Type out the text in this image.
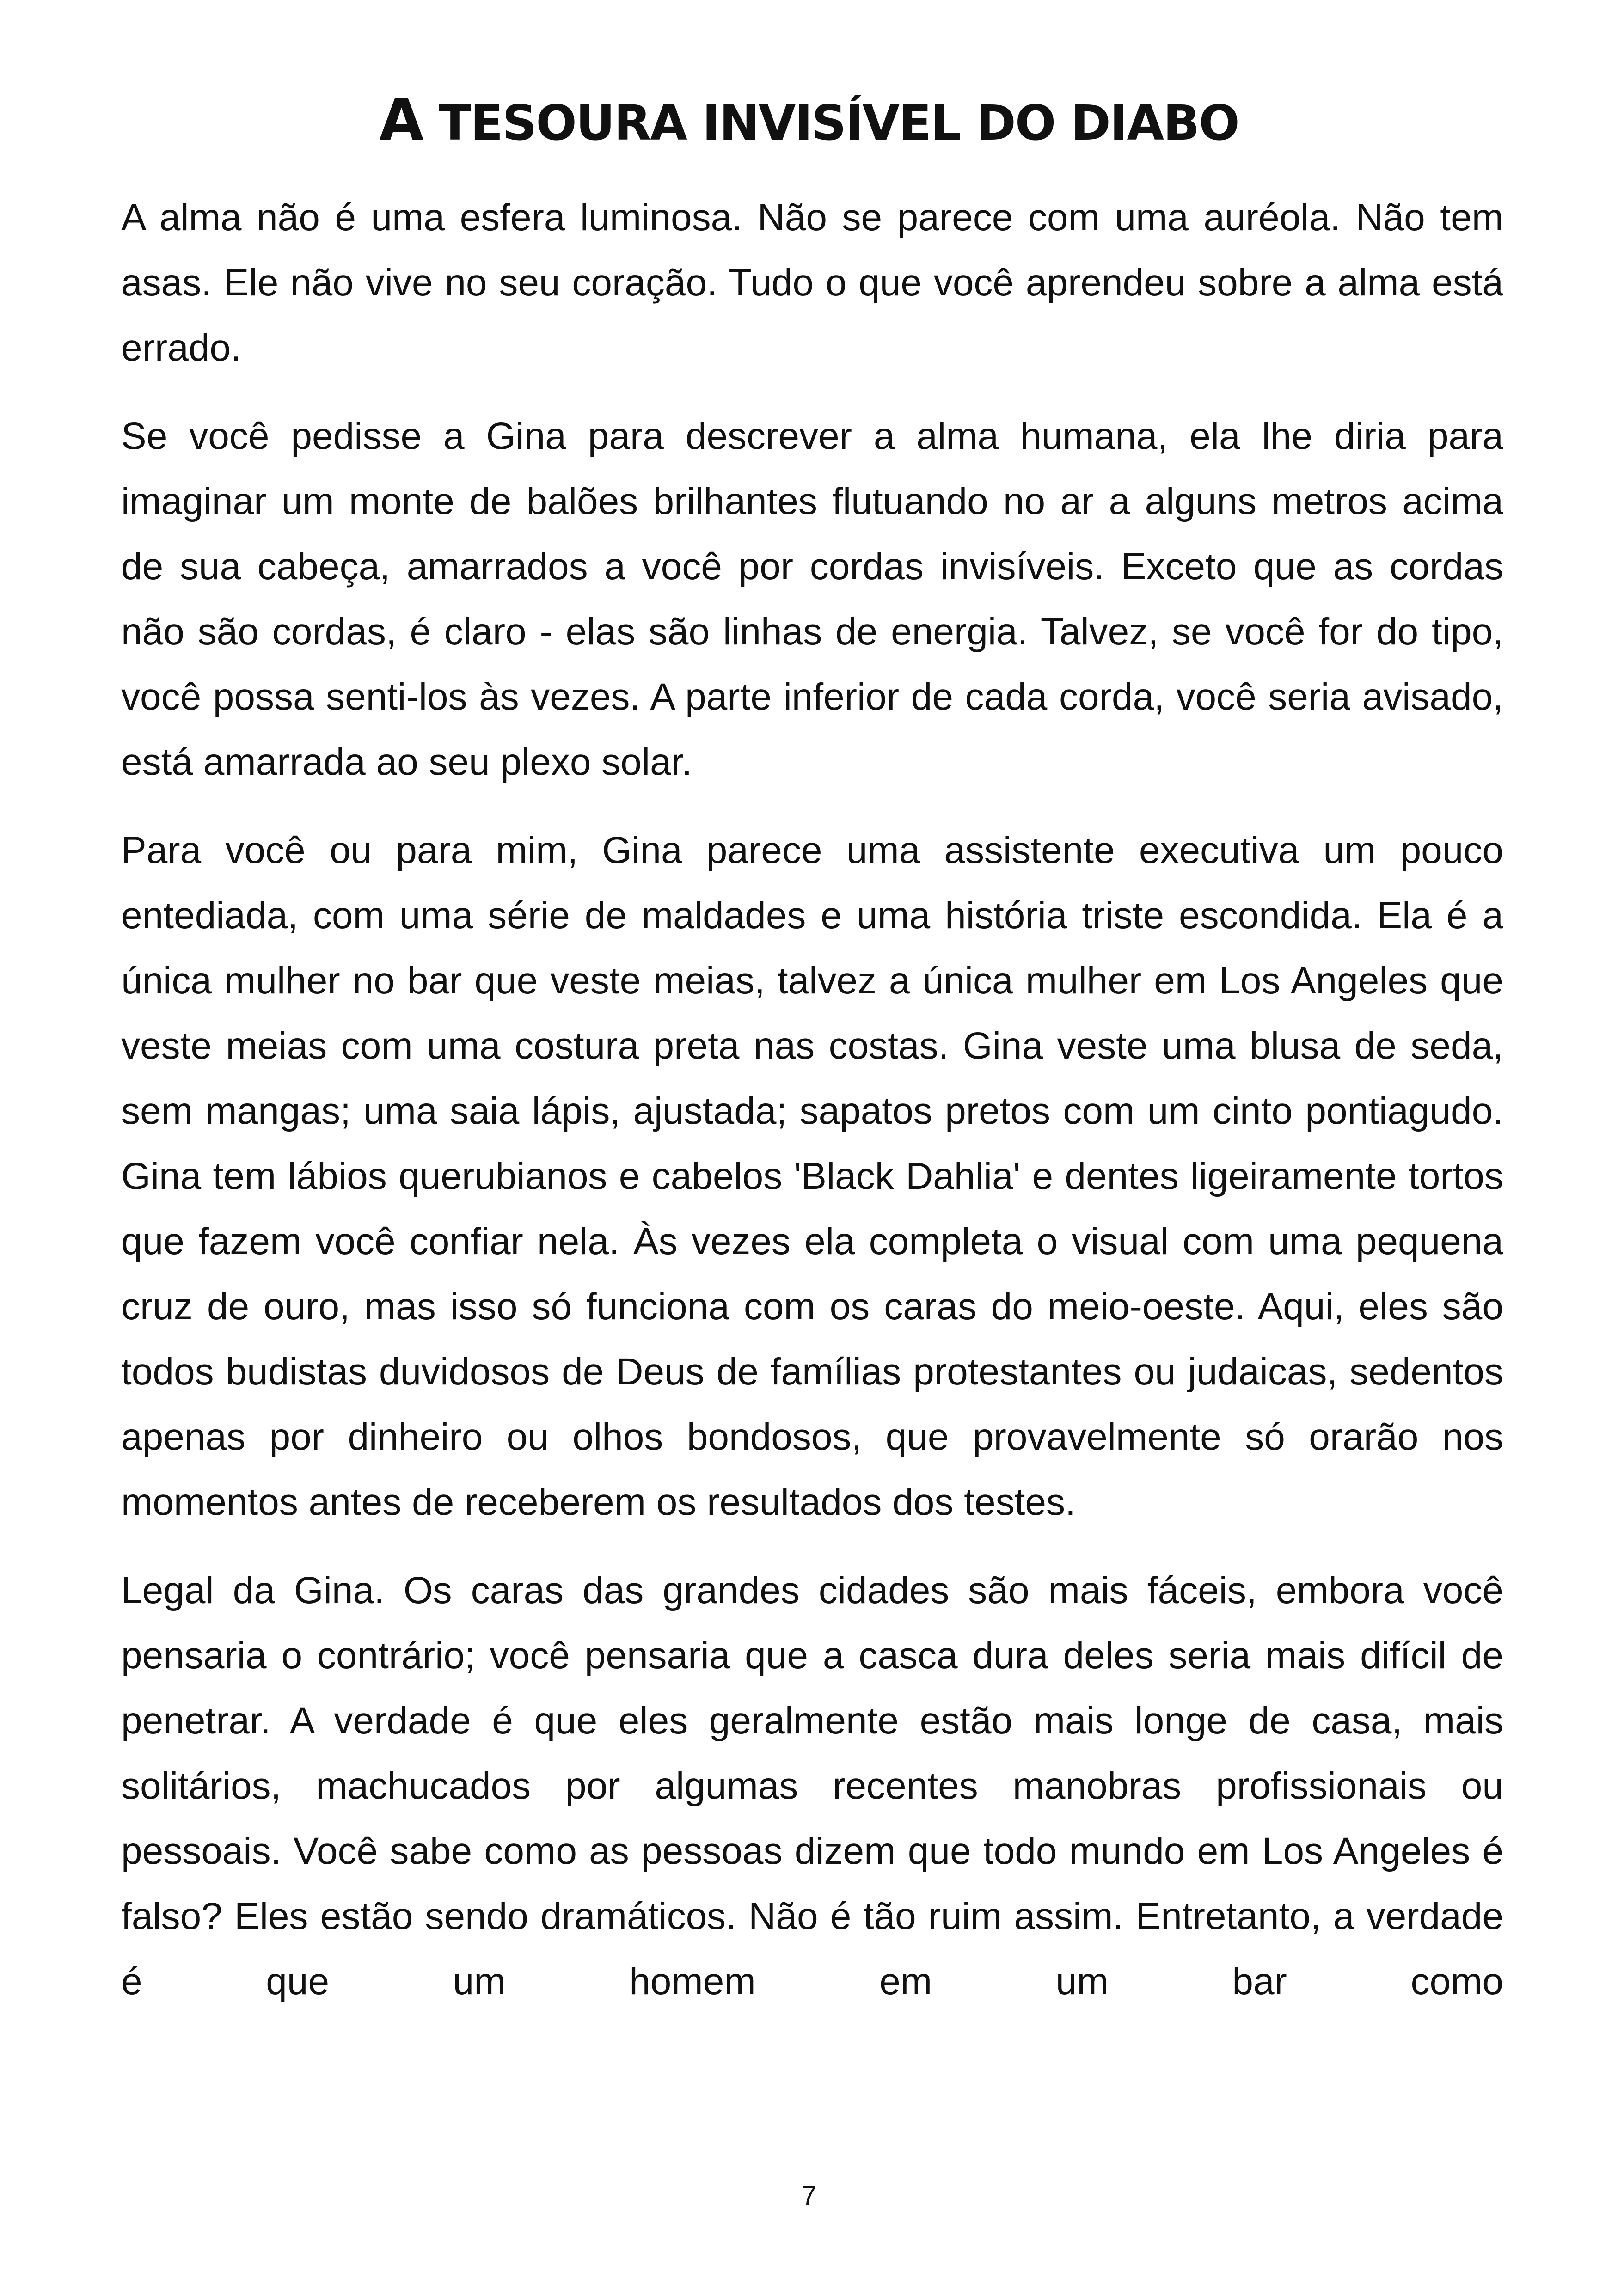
A TESOURA INVISÍVEL DO DIABO

A alma não é uma esfera luminosa. Não se parece com uma auréola. Não tem asas. Ele não vive no seu coração. Tudo o que você aprendeu sobre a alma está errado.

Se você pedisse a Gina para descrever a alma humana, ela lhe diria para imaginar um monte de balões brilhantes flutuando no ar a alguns metros acima de sua cabeça, amarrados a você por cordas invisíveis. Exceto que as cordas não são cordas, é claro - elas são linhas de energia. Talvez, se você for do tipo, você possa senti-los às vezes. A parte inferior de cada corda, você seria avisado, está amarrada ao seu plexo solar.

Para você ou para mim, Gina parece uma assistente executiva um pouco entediada, com uma série de maldades e uma história triste escondida. Ela é a única mulher no bar que veste meias, talvez a única mulher em Los Angeles que veste meias com uma costura preta nas costas. Gina veste uma blusa de seda, sem mangas; uma saia lápis, ajustada; sapatos pretos com um cinto pontiagudo. Gina tem lábios querubianos e cabelos 'Black Dahlia' e dentes ligeiramente tortos que fazem você confiar nela. Às vezes ela completa o visual com uma pequena cruz de ouro, mas isso só funciona com os caras do meio-oeste. Aqui, eles são todos budistas duvidosos de Deus de famílias protestantes ou judaicas, sedentos apenas por dinheiro ou olhos bondosos, que provavelmente só orarão nos momentos antes de receberem os resultados dos testes.

Legal da Gina. Os caras das grandes cidades são mais fáceis, embora você pensaria o contrário; você pensaria que a casca dura deles seria mais difícil de penetrar. A verdade é que eles geralmente estão mais longe de casa, mais solitários, machucados por algumas recentes manobras profissionais ou pessoais. Você sabe como as pessoas dizem que todo mundo em Los Angeles é falso? Eles estão sendo dramáticos. Não é tão ruim assim. Entretanto, a verdade é que um homem em um bar como

7
